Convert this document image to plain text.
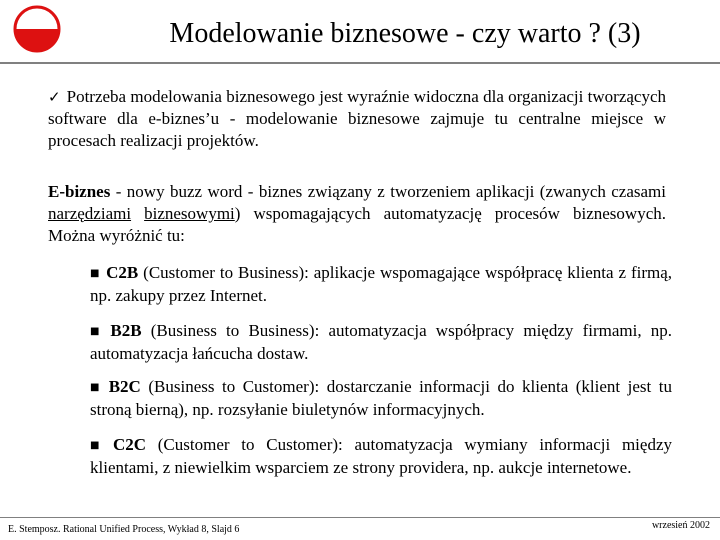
Modelowanie biznesowe - czy warto ? (3)
✓ Potrzeba modelowania biznesowego jest wyraźnie widoczna dla organizacji tworzących software dla e-biznes’u - modelowanie biznesowe zajmuje tu centralne miejsce w procesach realizacji projektów.
E-biznes - nowy buzz word - biznes związany z tworzeniem aplikacji (zwanych czasami narzędziami biznesowymi) wspomagających automatyzację procesów biznesowych. Można wyróżnić tu:
■ C2B (Customer to Business): aplikacje wspomagające współpracę klienta z firmą, np. zakupy przez Internet.
■ B2B (Business to Business): automatyzacja współpracy między firmami, np. automatyzacja łańcucha dostaw.
■ B2C (Business to Customer): dostarczanie informacji do klienta (klient jest tu stroną bierną), np. rozsyłanie biuletynów informacyjnych.
■ C2C (Customer to Customer): automatyzacja wymiany informacji między klientami, z niewielkim wsparciem ze strony providera, np. aukcje internetowe.
E. Stemposz. Rational Unified Process, Wykład 8, Slajd 6	wrzesień 2002
